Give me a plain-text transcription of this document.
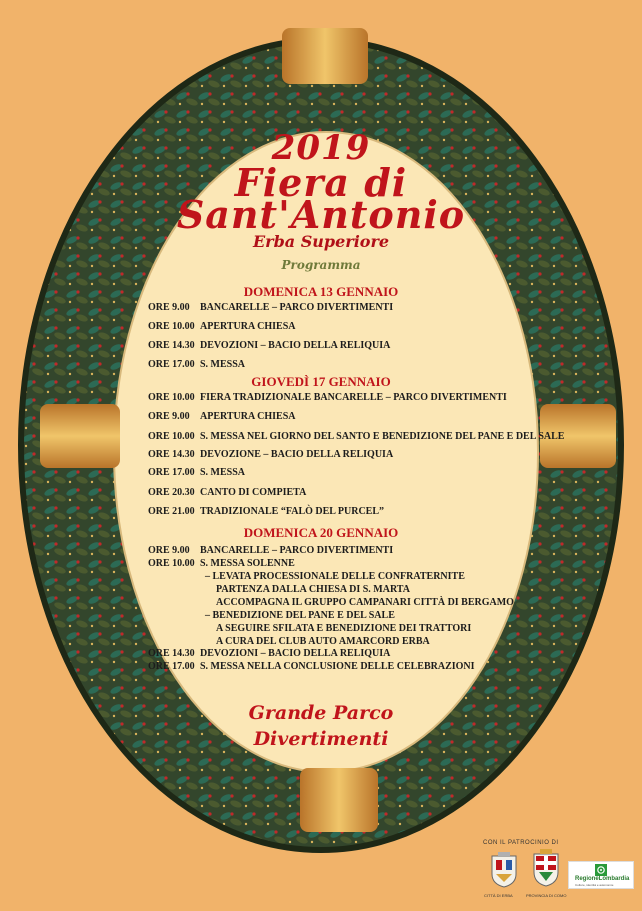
2019
Fiera di
Sant'Antonio
Erba Superiore
Programma
DOMENICA 13 GENNAIO
ORE 9.00 BANCARELLE – PARCO DIVERTIMENTI
ORE 10.00 APERTURA CHIESA
ORE 14.30 DEVOZIONI – BACIO DELLA RELIQUIA
ORE 17.00 S. MESSA
GIOVEDÌ 17 GENNAIO
ORE 10.00 FIERA TRADIZIONALE BANCARELLE – PARCO DIVERTIMENTI
ORE 9.00 APERTURA CHIESA
ORE 10.00 S. MESSA NEL GIORNO DEL SANTO E BENEDIZIONE DEL PANE E DEL SALE
ORE 14.30 DEVOZIONE – BACIO DELLA RELIQUIA
ORE 17.00 S. MESSA
ORE 20.30 CANTO DI COMPIETA
ORE 21.00 TRADIZIONALE “FALÒ DEL PURCEL”
DOMENICA 20 GENNAIO
ORE 9.00 BANCARELLE – PARCO DIVERTIMENTI
ORE 10.00 S. MESSA SOLENNE
– LEVATA PROCESSIONALE DELLE CONFRATERNITE
PARTENZA DALLA CHIESA DI S. MARTA
ACCOMPAGNA IL GRUPPO CAMPANARI CITTÀ DI BERGAMO
– BENEDIZIONE DEL PANE E DEL SALE
A SEGUIRE SFILATA E BENEDIZIONE DEI TRATTORI
A CURA DEL CLUB AUTO AMARCORD ERBA
ORE 14.30 DEVOZIONI – BACIO DELLA RELIQUIA
ORE 17.00 S. MESSA NELLA CONCLUSIONE DELLE CELEBRAZIONI
Grande Parco
Divertimenti
CON IL PATROCINIO DI
CITTÀ DI ERBA	PROVINCIA DI COMO
RegioneLombardia
Culture, identità e autonomie
